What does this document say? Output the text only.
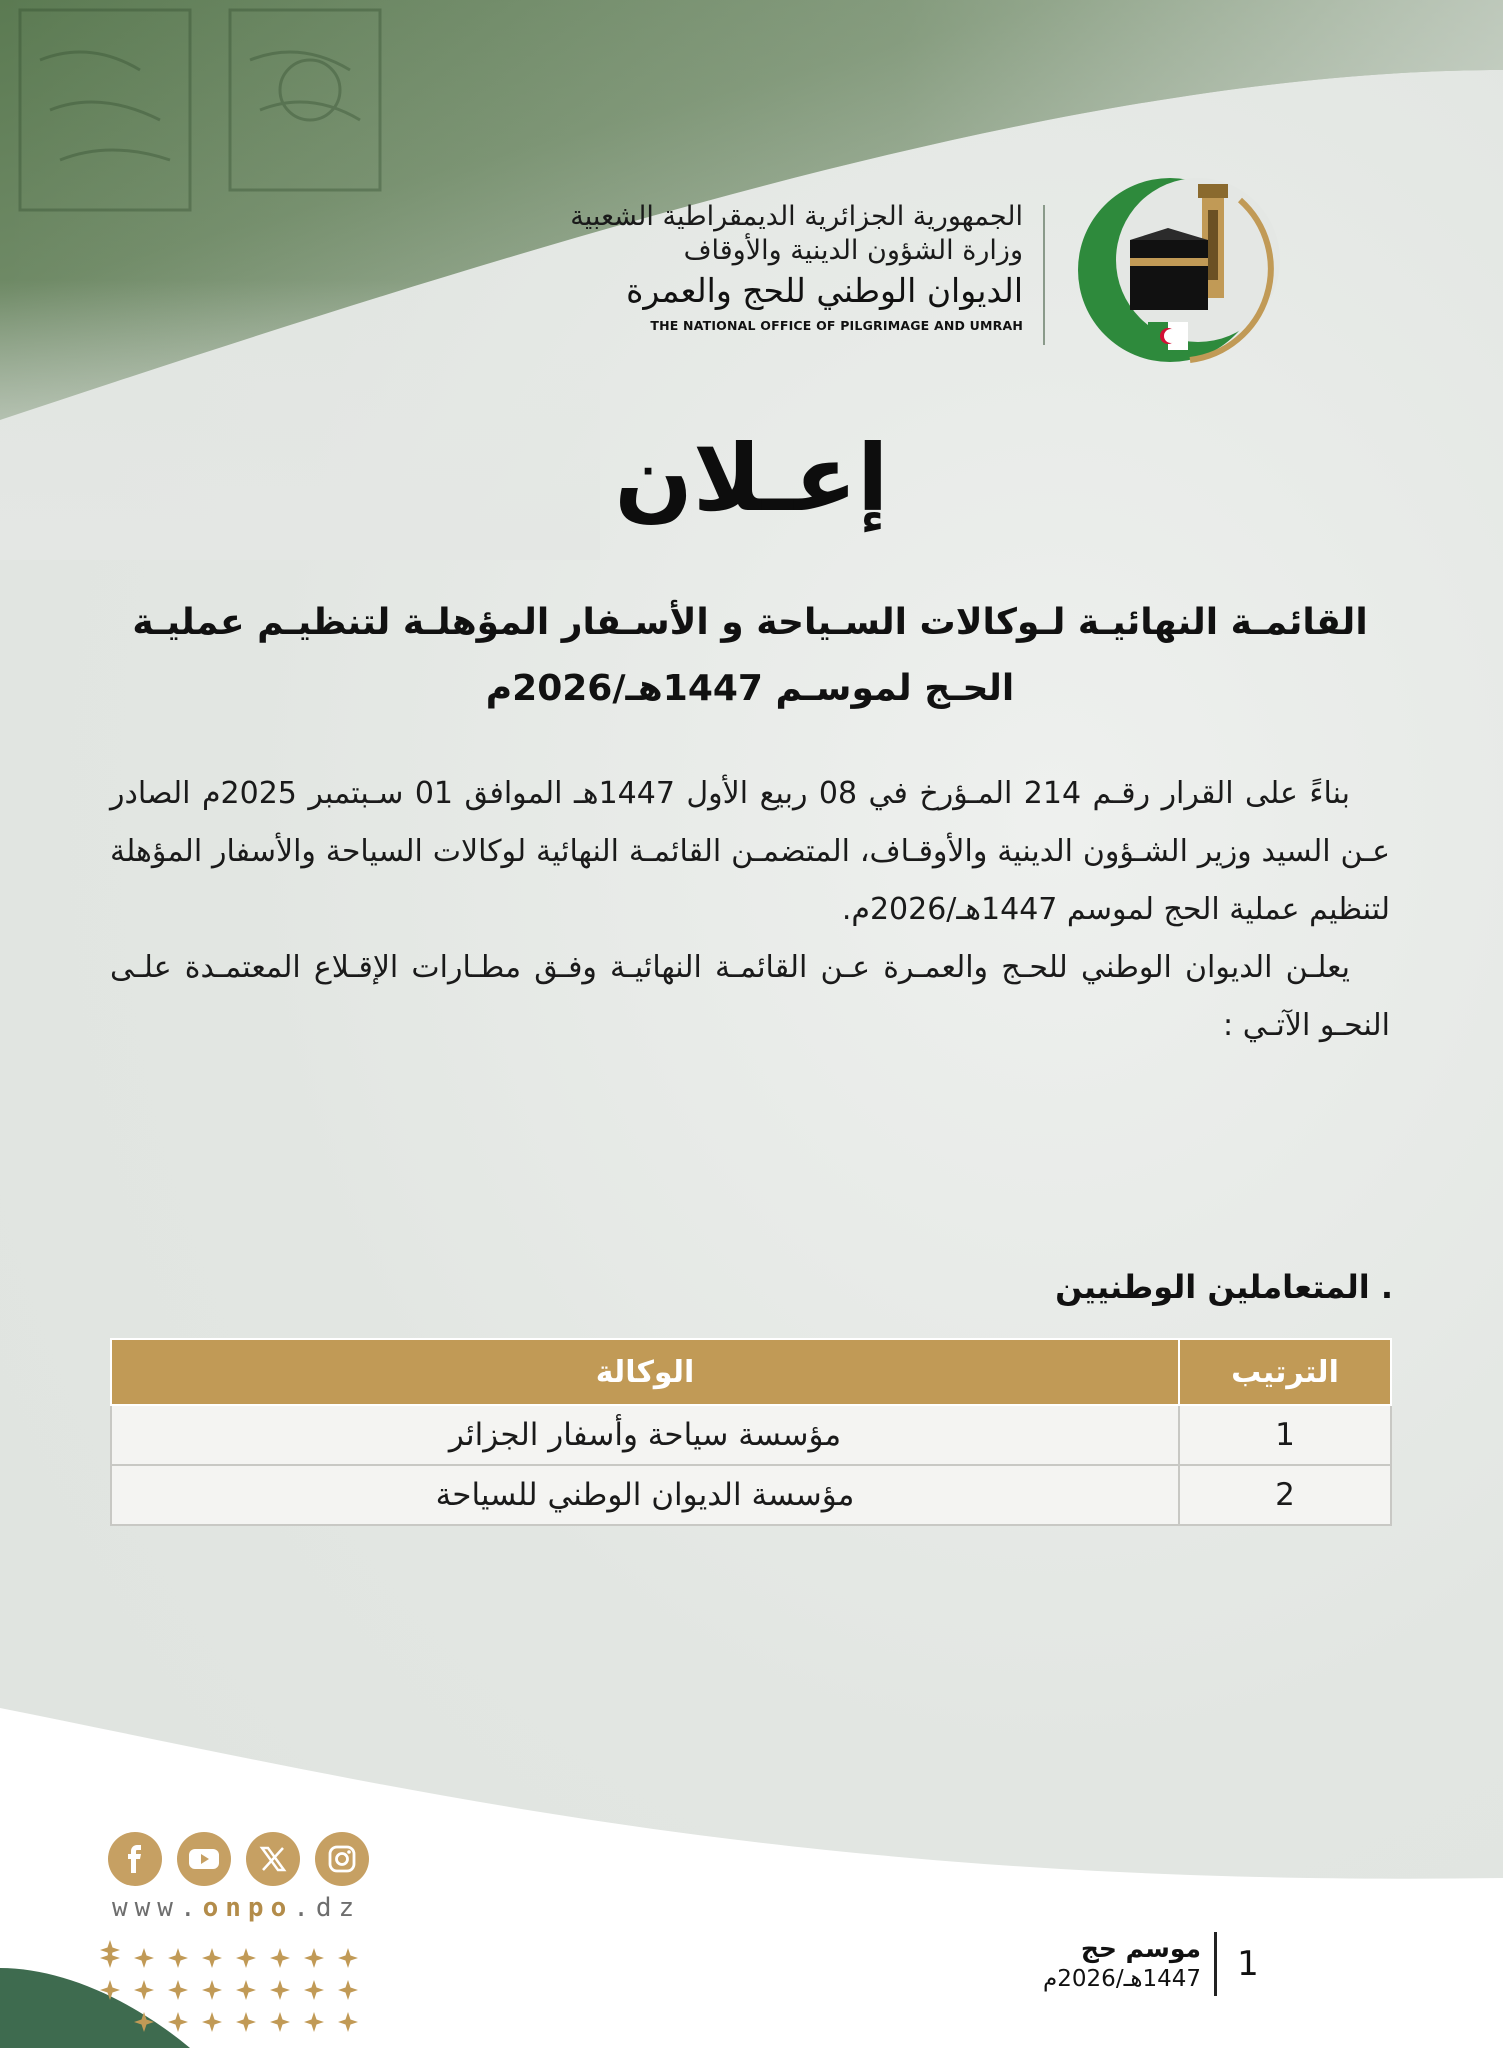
الجمهورية الجزائرية الديمقراطية الشعبية
وزارة الشؤون الدينية والأوقاف
الديوان الوطني للحج والعمرة
THE NATIONAL OFFICE OF PILGRIMAGE AND UMRAH
إعـلان
القائمـة النهائيـة لـوكالات السـياحة و الأسـفار المؤهلـة لتنظيـم عمليـة
الحـج لموسـم 1447هـ/2026م

بناءً على القرار رقـم 214 المـؤرخ في 08 ربيع الأول 1447هـ الموافق 01 سـبتمبر 2025م الصادر عـن السيد وزير الشـؤون الدينية والأوقـاف، المتضمـن القائمـة النهائية لوكالات السياحة والأسفار المؤهلة لتنظيم عملية الحج لموسم 1447هـ/2026م.

يعلـن الديوان الوطني للحـج والعمـرة عـن القائمـة النهائيـة وفـق مطـارات الإقـلاع المعتمـدة علـى النحـو الآتـي :

. المتعاملين الوطنيين
الترتيب	الوكالة
1	مؤسسة سياحة وأسفار الجزائر
2	مؤسسة الديوان الوطني للسياحة
www.onpo.dz
موسم حج
1447هـ/2026م	1
